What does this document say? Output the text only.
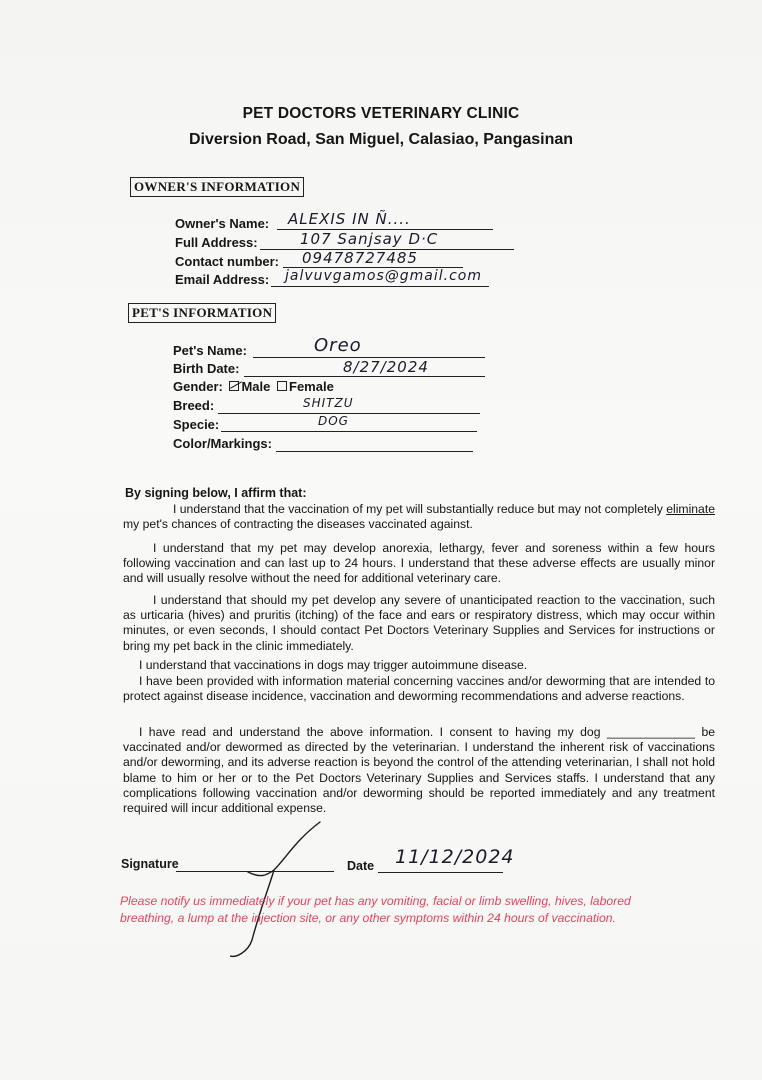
PET DOCTORS VETERINARY CLINIC
Diversion Road, San Miguel, Calasiao, Pangasinan
OWNER'S INFORMATION
Owner's Name: ALEXIS IN Ñ....
Full Address:	107 Sanjsay D·C
Contact number: 09478727485
Email Address: jalvuvgamos@gmail.com
PET'S INFORMATION
Pet's Name:	Oreo
Birth Date:	8/27/2024
Gender: Male Female
Breed:	SHITZU
Specie:	DOG
Color/Markings:
By signing below, I affirm that:
I understand that the vaccination of my pet will substantially reduce but may not completely eliminate my pet's chances of contracting the diseases vaccinated against.
I understand that my pet may develop anorexia, lethargy, fever and soreness within a few hours following vaccination and can last up to 24 hours. I understand that these adverse effects are usually minor and will usually resolve without the need for additional veterinary care.
I understand that should my pet develop any severe of unanticipated reaction to the vaccination, such as urticaria (hives) and pruritis (itching) of the face and ears or respiratory distress, which may occur within minutes, or even seconds, I should contact Pet Doctors Veterinary Supplies and Services for instructions or bring my pet back in the clinic immediately.
I understand that vaccinations in dogs may trigger autoimmune disease.
I have been provided with information material concerning vaccines and/or deworming that are intended to protect against disease incidence, vaccination and deworming recommendations and adverse reactions.
I have read and understand the above information. I consent to having my dog _____________ be vaccinated and/or dewormed as directed by the veterinarian. I understand the inherent risk of vaccinations and/or deworming, and its adverse reaction is beyond the control of the attending veterinarian, I shall not hold blame to him or her or to the Pet Doctors Veterinary Supplies and Services staffs. I understand that any complications following vaccination and/or deworming should be reported immediately and any treatment required will incur additional expense.
Signature	Date 11/12/2024
Please notify us immediately if your pet has any vomiting, facial or limb swelling, hives, labored breathing, a lump at the injection site, or any other symptoms within 24 hours of vaccination.
